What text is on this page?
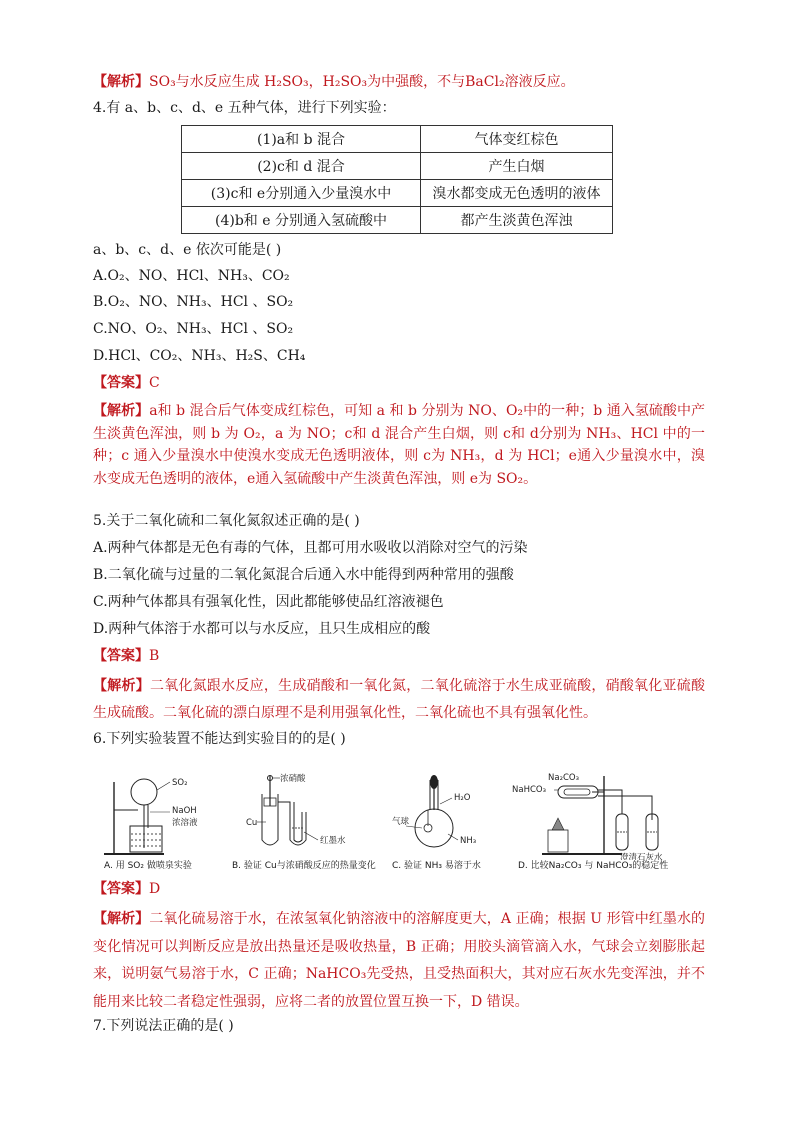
【解析】SO₃与水反应生成 H₂SO₃，H₂SO₃为中强酸，不与BaCl₂溶液反应。
4.有 a、b、c、d、e 五种气体，进行下列实验：
(1)a和 b 混合	气体变红棕色
(2)c和 d 混合	产生白烟
(3)c和 e分别通入少量溴水中	溴水都变成无色透明的液体
(4)b和 e 分别通入氢硫酸中	都产生淡黄色浑浊
a、b、c、d、e 依次可能是( )
A.O₂、NO、HCl、NH₃、CO₂
B.O₂、NO、NH₃、HCl 、SO₂
C.NO、O₂、NH₃、HCl 、SO₂
D.HCl、CO₂、NH₃、H₂S、CH₄
【答案】C
【解析】a和 b 混合后气体变成红棕色，可知 a 和 b 分别为 NO、O₂中的一种；b 通入氢硫酸中产生淡黄色浑浊，则 b 为 O₂，a 为 NO；c和 d 混合产生白烟，则 c和 d分别为 NH₃、HCl 中的一种；c 通入少量溴水中使溴水变成无色透明液体，则 c为 NH₃，d 为 HCl；e通入少量溴水中，溴水变成无色透明的液体，e通入氢硫酸中产生淡黄色浑浊，则 e为 SO₂。
5.关于二氧化硫和二氧化氮叙述正确的是( )
A.两种气体都是无色有毒的气体，且都可用水吸收以消除对空气的污染
B.二氧化硫与过量的二氧化氮混合后通入水中能得到两种常用的强酸
C.两种气体都具有强氧化性，因此都能够使品红溶液褪色
D.两种气体溶于水都可以与水反应，且只生成相应的酸
【答案】B
【解析】二氧化氮跟水反应，生成硝酸和一氧化氮，二氧化硫溶于水生成亚硫酸，硝酸氧化亚硫酸生成硫酸。二氧化硫的漂白原理不是利用强氧化性，二氧化硫也不具有强氧化性。
6.下列实验装置不能达到实验目的的是( )
SO₂
NaOH
浓溶液
A. 用 SO₂ 做喷泉实验
浓硝酸
Cu
红墨水
B. 验证 Cu与浓硝酸反应的热量变化
H₂O
气球
NH₃
C. 验证 NH₃ 易溶于水
Na₂CO₃
NaHCO₃
澄清石灰水
D. 比较Na₂CO₃ 与 NaHCO₃的稳定性
【答案】D
【解析】二氧化硫易溶于水，在浓氢氧化钠溶液中的溶解度更大，A 正确；根据 U 形管中红墨水的变化情况可以判断反应是放出热量还是吸收热量，B 正确；用胶头滴管滴入水，气球会立刻膨胀起来，说明氨气易溶于水，C 正确；NaHCO₃先受热，且受热面积大，其对应石灰水先变浑浊，并不能用来比较二者稳定性强弱，应将二者的放置位置互换一下，D 错误。
7.下列说法正确的是( )
